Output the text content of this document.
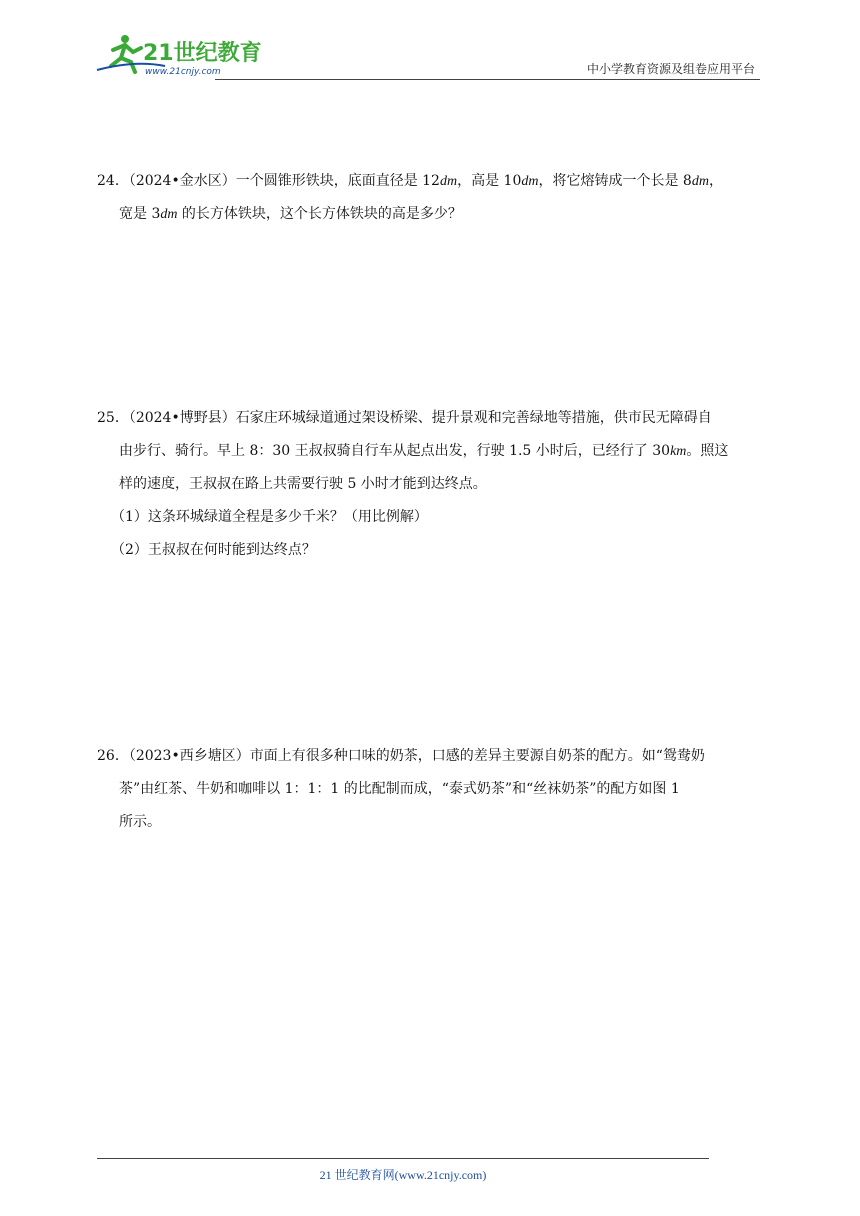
21世纪教育
www.21cnjy.com	中小学教育资源及组卷应用平台

24．（2024•金水区）一个圆锥形铁块，底面直径是 12dm，高是 10dm，将它熔铸成一个长是 8dm，
宽是 3dm 的长方体铁块，这个长方体铁块的高是多少？

25．（2024•博野县）石家庄环城绿道通过架设桥梁、提升景观和完善绿地等措施，供市民无障碍自
由步行、骑行。早上 8：30 王叔叔骑自行车从起点出发，行驶 1.5 小时后，已经行了 30km。照这
样的速度，王叔叔在路上共需要行驶 5 小时才能到达终点。

（1）这条环城绿道全程是多少千米？（用比例解）

（2）王叔叔在何时能到达终点？

26．（2023•西乡塘区）市面上有很多种口味的奶茶，口感的差异主要源自奶茶的配方。如“鸳鸯奶
茶”由红茶、牛奶和咖啡以 1：1：1 的比配制而成，“泰式奶茶”和“丝袜奶茶”的配方如图 1
所示。

21 世纪教育网(www.21cnjy.com)
